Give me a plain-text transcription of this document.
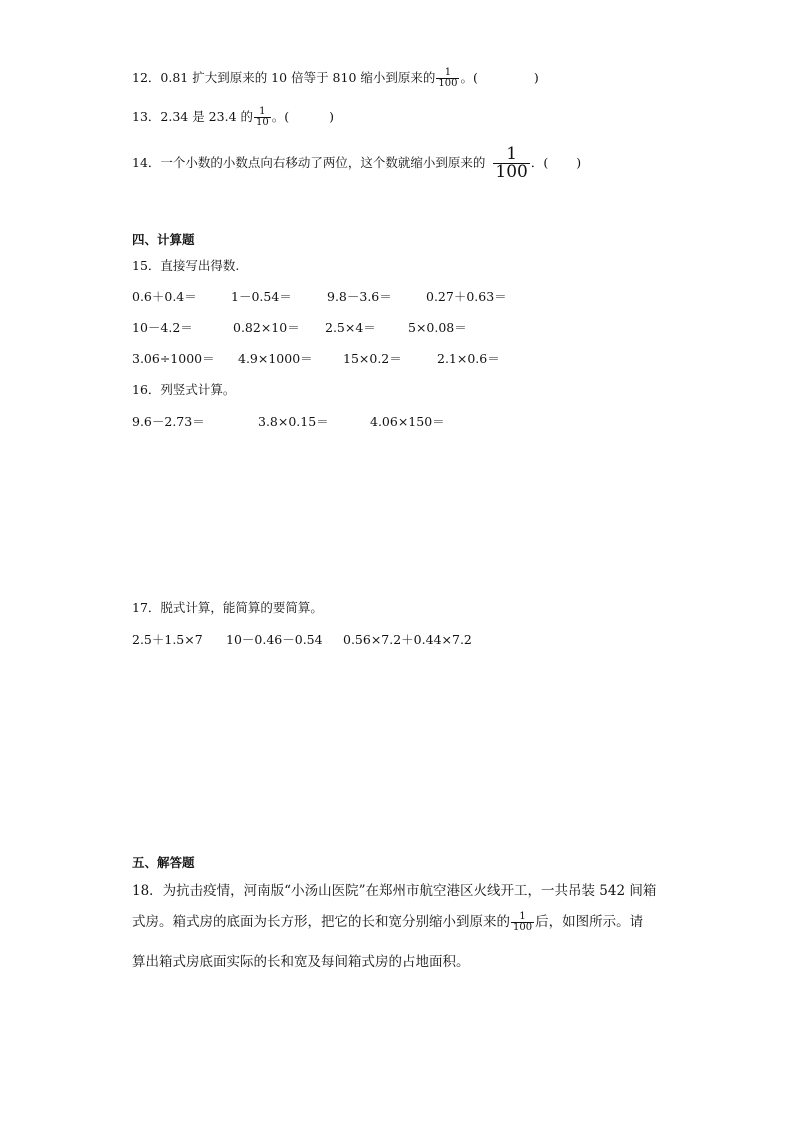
12．0.81 扩大到原来的 10 倍等于 810 缩小到原来的 $\frac{1}{100}$ 。(	)
13．2.34 是 23.4 的 $\frac{1}{10}$ 。(	)
14．一个小数的小数点向右移动了两位，这个数就缩小到原来的 $\frac{1}{100}$ ．( )
四、计算题
15．直接写出得数.
0.6＋0.4＝	1－0.54＝	9.8－3.6＝	0.27＋0.63＝
10－4.2＝	0.82×10＝ 2.5×4＝	5×0.08＝
3.06÷1000＝ 4.9×1000＝ 15×0.2＝	2.1×0.6＝
16．列竖式计算。
9.6－2.73＝	3.8×0.15＝	4.06×150＝
17．脱式计算，能简算的要简算。
2.5＋1.5×7 10－0.46－0.54 0.56×7.2＋0.44×7.2
五、解答题
18．为抗击疫情，河南版“小汤山医院”在郑州市航空港区火线开工，一共吊装 542 间箱
式房。箱式房的底面为长方形，把它的长和宽分别缩小到原来的 $\frac{1}{100}$ 后，如图所示。请
算出箱式房底面实际的长和宽及每间箱式房的占地面积。
